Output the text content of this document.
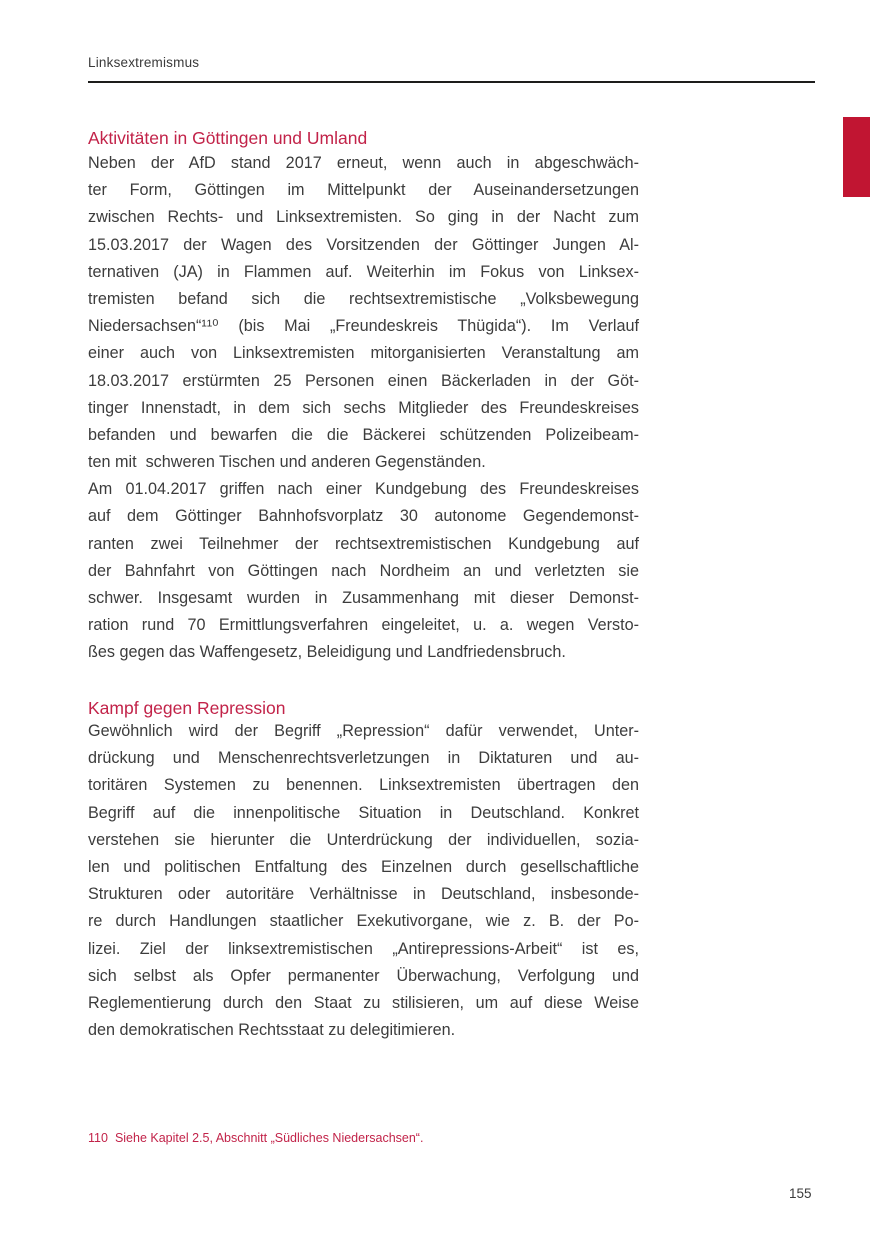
Linksextremismus
Aktivitäten in Göttingen und Umland
Neben der AfD stand 2017 erneut, wenn auch in abgeschwäch-
ter Form, Göttingen im Mittelpunkt der Auseinandersetzungen
zwischen Rechts- und Linksextremisten. So ging in der Nacht zum
15.03.2017 der Wagen des Vorsitzenden der Göttinger Jungen Al-
ternativen (JA) in Flammen auf. Weiterhin im Fokus von Linksex-
tremisten befand sich die rechtsextremistische „Volksbewegung
Niedersachsen“¹¹⁰ (bis Mai „Freundeskreis Thügida“). Im Verlauf
einer auch von Linksextremisten mitorganisierten Veranstaltung am
18.03.2017 erstürmten 25 Personen einen Bäckerladen in der Göt-
tinger Innenstadt, in dem sich sechs Mitglieder des Freundeskreises
befanden und bewarfen die die Bäckerei schützenden Polizeibeam-
ten mit  schweren Tischen und anderen Gegenständen.
Am 01.04.2017 griffen nach einer Kundgebung des Freundeskreises
auf dem Göttinger Bahnhofsvorplatz 30 autonome Gegendemonst-
ranten zwei Teilnehmer der rechtsextremistischen Kundgebung auf
der Bahnfahrt von Göttingen nach Nordheim an und verletzten sie
schwer. Insgesamt wurden in Zusammenhang mit dieser Demonst-
ration rund 70 Ermittlungsverfahren eingeleitet, u. a. wegen Versto-
ßes gegen das Waffengesetz, Beleidigung und Landfriedensbruch.
Kampf gegen Repression
Gewöhnlich wird der Begriff „Repression“ dafür verwendet, Unter-
drückung und Menschenrechtsverletzungen in Diktaturen und au-
toritären Systemen zu benennen. Linksextremisten übertragen den
Begriff auf die innenpolitische Situation in Deutschland. Konkret
verstehen sie hierunter die Unterdrückung der individuellen, sozia-
len und politischen Entfaltung des Einzelnen durch gesellschaftliche
Strukturen oder autoritäre Verhältnisse in Deutschland, insbesonde-
re durch Handlungen staatlicher Exekutivorgane, wie z. B. der Po-
lizei. Ziel der linksextremistischen „Antirepressions-Arbeit“ ist es,
sich selbst als Opfer permanenter Überwachung, Verfolgung und
Reglementierung durch den Staat zu stilisieren, um auf diese Weise
den demokratischen Rechtsstaat zu delegitimieren.
110 Siehe Kapitel 2.5, Abschnitt „Südliches Niedersachsen“.
155
